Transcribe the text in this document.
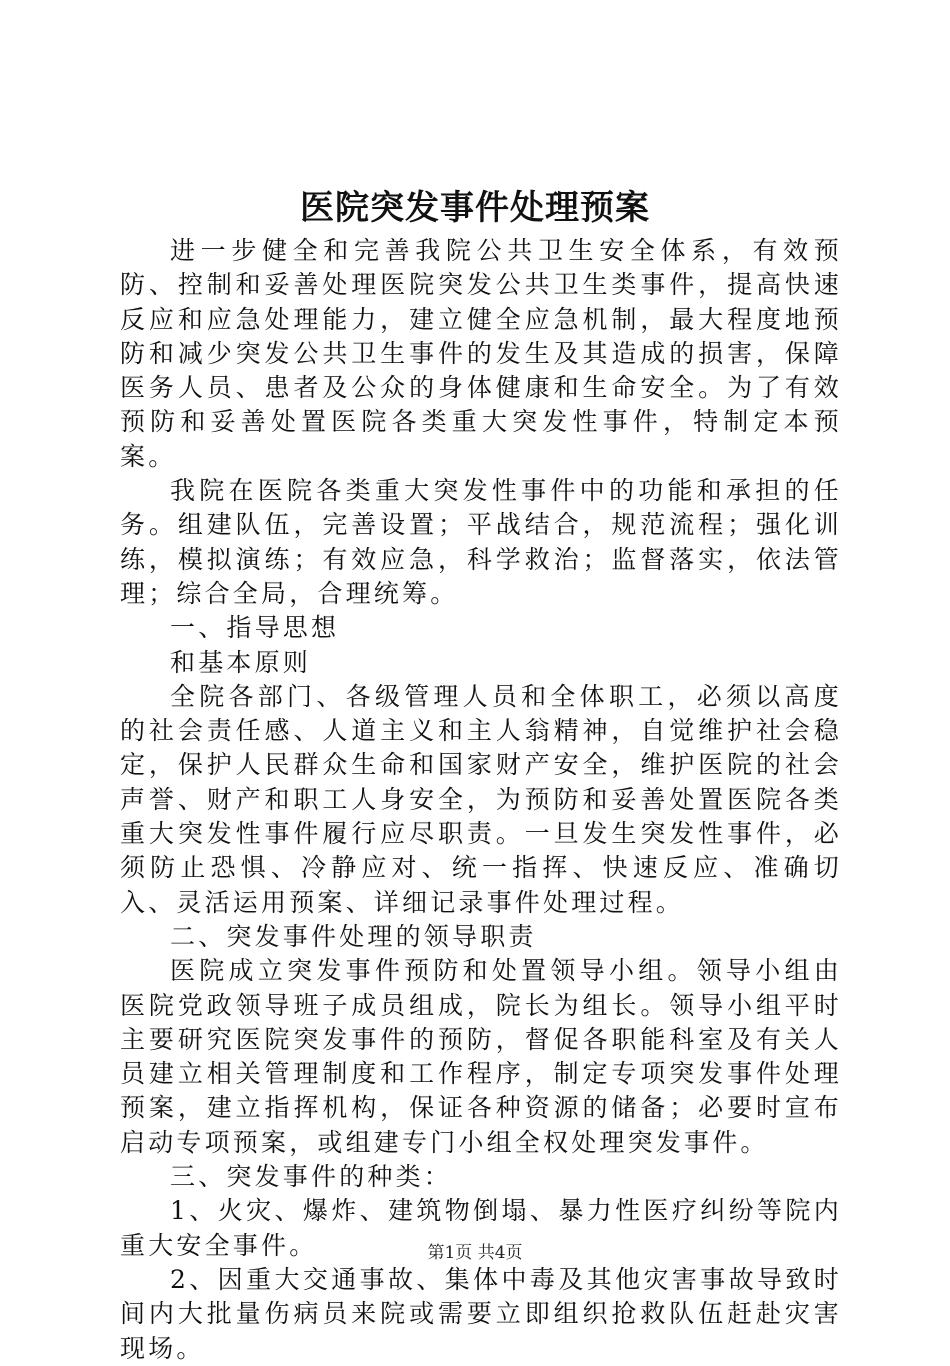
医院突发事件处理预案

进一步健全和完善我院公共卫生安全体系，有效预防、控制和妥善处理医院突发公共卫生类事件，提高快速反应和应急处理能力，建立健全应急机制，最大程度地预防和减少突发公共卫生事件的发生及其造成的损害，保障医务人员、患者及公众的身体健康和生命安全。为了有效预防和妥善处置医院各类重大突发性事件，特制定本预案。

我院在医院各类重大突发性事件中的功能和承担的任务。组建队伍，完善设置；平战结合，规范流程；强化训练，模拟演练；有效应急，科学救治；监督落实，依法管理；综合全局，合理统筹。

一、指导思想

和基本原则

全院各部门、各级管理人员和全体职工，必须以高度的社会责任感、人道主义和主人翁精神，自觉维护社会稳定，保护人民群众生命和国家财产安全，维护医院的社会声誉、财产和职工人身安全，为预防和妥善处置医院各类重大突发性事件履行应尽职责。一旦发生突发性事件，必须防止恐惧、冷静应对、统一指挥、快速反应、准确切入、灵活运用预案、详细记录事件处理过程。

二、突发事件处理的领导职责

医院成立突发事件预防和处置领导小组。领导小组由医院党政领导班子成员组成，院长为组长。领导小组平时主要研究医院突发事件的预防，督促各职能科室及有关人员建立相关管理制度和工作程序，制定专项突发事件处理预案，建立指挥机构，保证各种资源的储备；必要时宣布启动专项预案，或组建专门小组全权处理突发事件。

三、突发事件的种类：

1、火灾、爆炸、建筑物倒塌、暴力性医疗纠纷等院内重大安全事件。

2、因重大交通事故、集体中毒及其他灾害事故导致时间内大批量伤病员来院或需要立即组织抢救队伍赶赴灾害现场。

第1页 共4页
